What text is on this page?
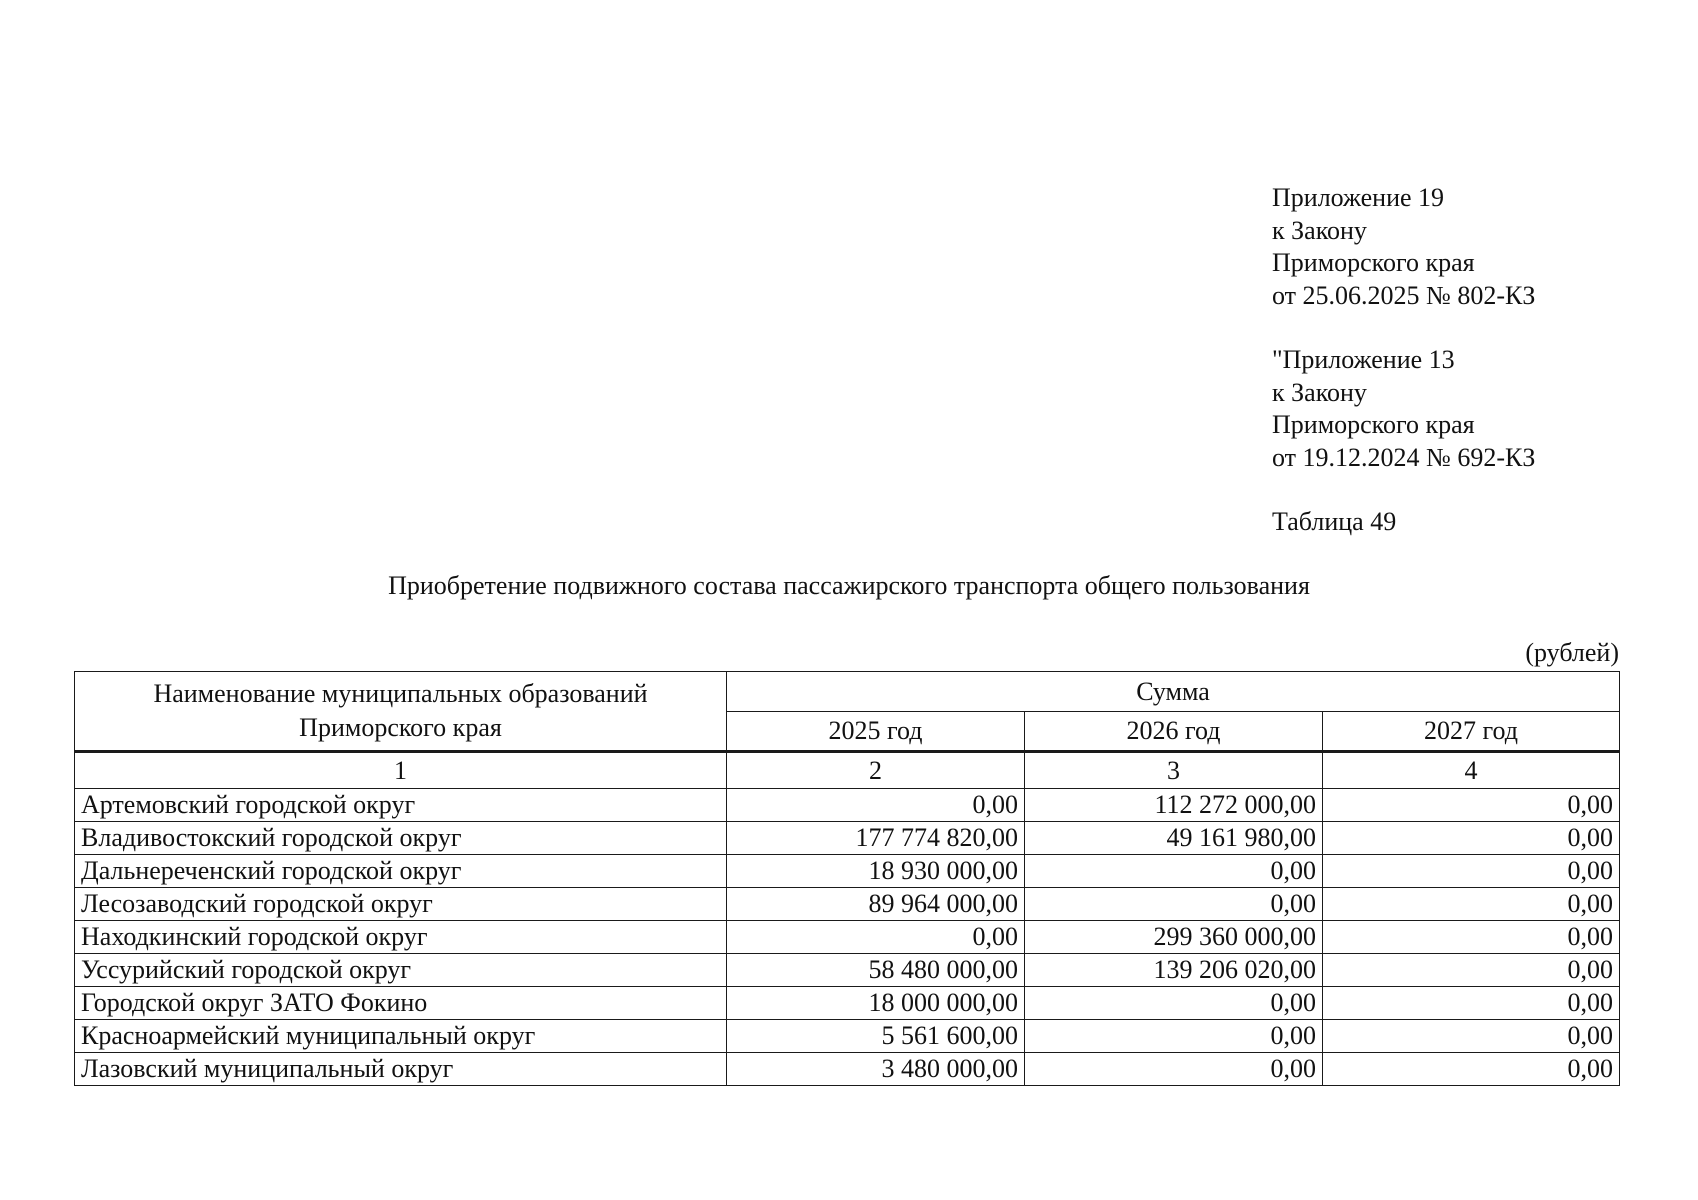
Приложение 19
к Закону
Приморского края
от 25.06.2025 № 802-КЗ
"Приложение 13
к Закону
Приморского края
от 19.12.2024 № 692-КЗ
Таблица 49
Приобретение подвижного состава пассажирского транспорта общего пользования
(рублей)
Наименование муниципальных образований Приморского края	Сумма		
	2025 год	2026 год	2027 год
1	2	3	4
Артемовский городской округ	0,00	112 272 000,00	0,00
Владивостокский городской округ	177 774 820,00	49 161 980,00	0,00
Дальнереченский городской округ	18 930 000,00	0,00	0,00
Лесозаводский городской округ	89 964 000,00	0,00	0,00
Находкинский городской округ	0,00	299 360 000,00	0,00
Уссурийский городской округ	58 480 000,00	139 206 020,00	0,00
Городской округ ЗАТО Фокино	18 000 000,00	0,00	0,00
Красноармейский муниципальный округ	5 561 600,00	0,00	0,00
Лазовский муниципальный округ	3 480 000,00	0,00	0,00
